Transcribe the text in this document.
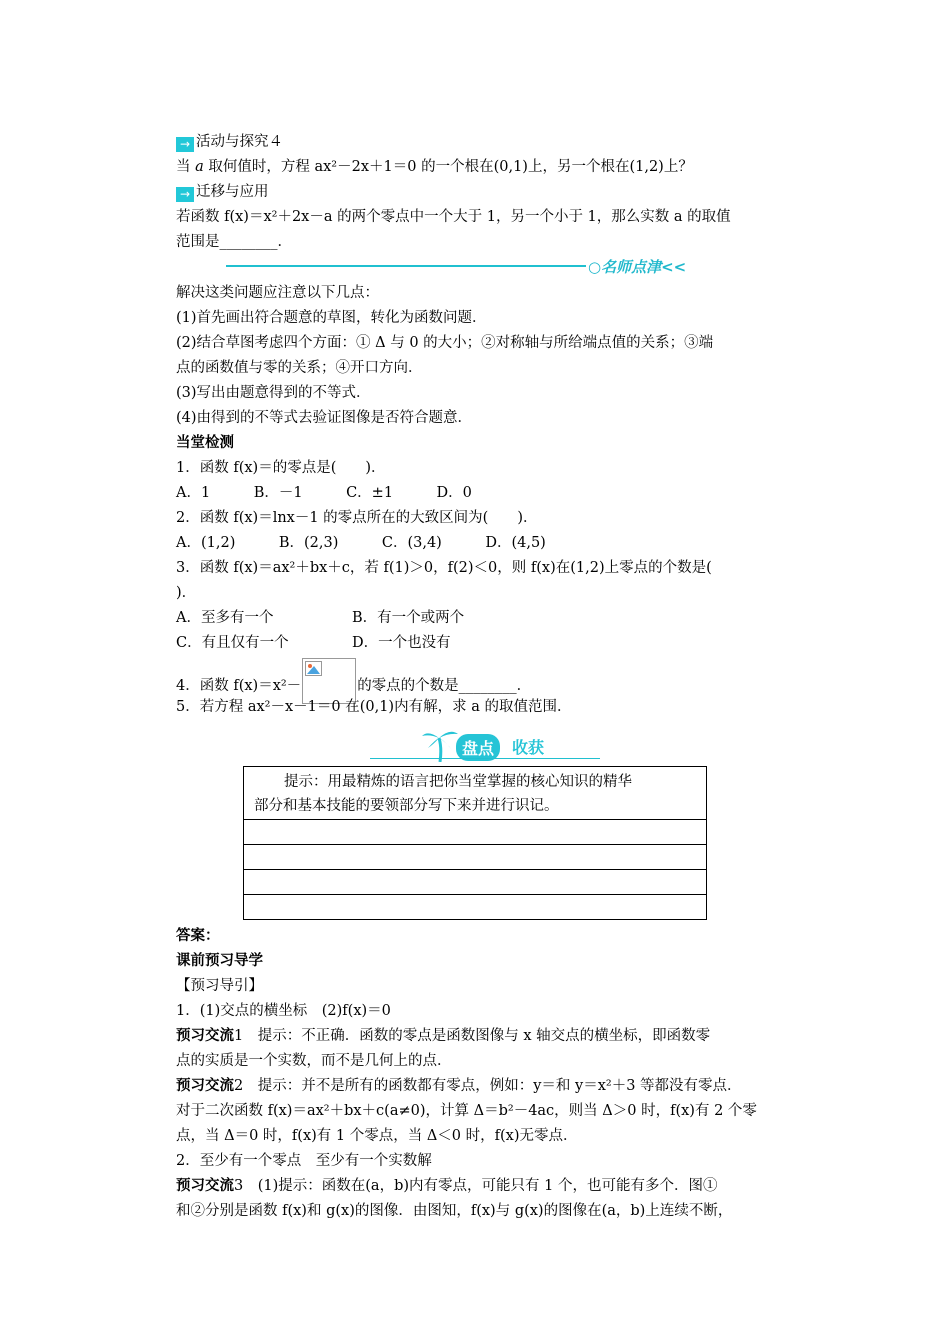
→ 活动与探究４
当 a 取何值时，方程 ax²－2x＋1＝0 的一个根在(0,1)上，另一个根在(1,2)上？
→ 迁移与应用
若函数 f(x)＝x²＋2x－a 的两个零点中一个大于 1，另一个小于 1，那么实数 a 的取值
范围是________．
○名师点津<<
解决这类问题应注意以下几点：
(1)首先画出符合题意的草图，转化为函数问题．
(2)结合草图考虑四个方面：① Δ 与 0 的大小；②对称轴与所给端点值的关系；③端
点的函数值与零的关系；④开口方向．
(3)写出由题意得到的不等式．
(4)由得到的不等式去验证图像是否符合题意．
当堂检测
1．函数 f(x)＝的零点是(　　)．
A．1　　　B．－1　　　C．±1　　　D．0
2．函数 f(x)＝lnx－1 的零点所在的大致区间为(　　)．
A．(1,2)　　　B．(2,3)　　　C．(3,4)　　　D．(4,5)
3．函数 f(x)＝ax²＋bx＋c，若 f(1)＞0，f(2)＜0，则 f(x)在(1,2)上零点的个数是(
)．
A．至多有一个	B．有一个或两个
C．有且仅有一个	D．一个也没有
4．函数 f(x)＝x²－	的零点的个数是________．
5．若方程 ax²－x－1＝0 在(0,1)内有解，求 a 的取值范围．
盘点	收获
提示：用最精炼的语言把你当堂掌握的核心知识的精华
部分和基本技能的要领部分写下来并进行识记。

答案：
课前预习导学
【预习导引】
1．(1)交点的横坐标　(2)f(x)＝0
预习交流1　提示：不正确．函数的零点是函数图像与 x 轴交点的横坐标，即函数零
点的实质是一个实数，而不是几何上的点．
预习交流2　提示：并不是所有的函数都有零点，例如：y＝和 y＝x²＋3 等都没有零点．
对于二次函数 f(x)＝ax²＋bx＋c(a≠0)，计算 Δ＝b²－4ac，则当 Δ＞0 时，f(x)有 2 个零
点，当 Δ＝0 时，f(x)有 1 个零点，当 Δ＜0 时，f(x)无零点．
2．至少有一个零点　至少有一个实数解
预习交流3　(1)提示：函数在(a，b)内有零点，可能只有 1 个，也可能有多个．图①
和②分别是函数 f(x)和 g(x)的图像．由图知，f(x)与 g(x)的图像在(a，b)上连续不断，
